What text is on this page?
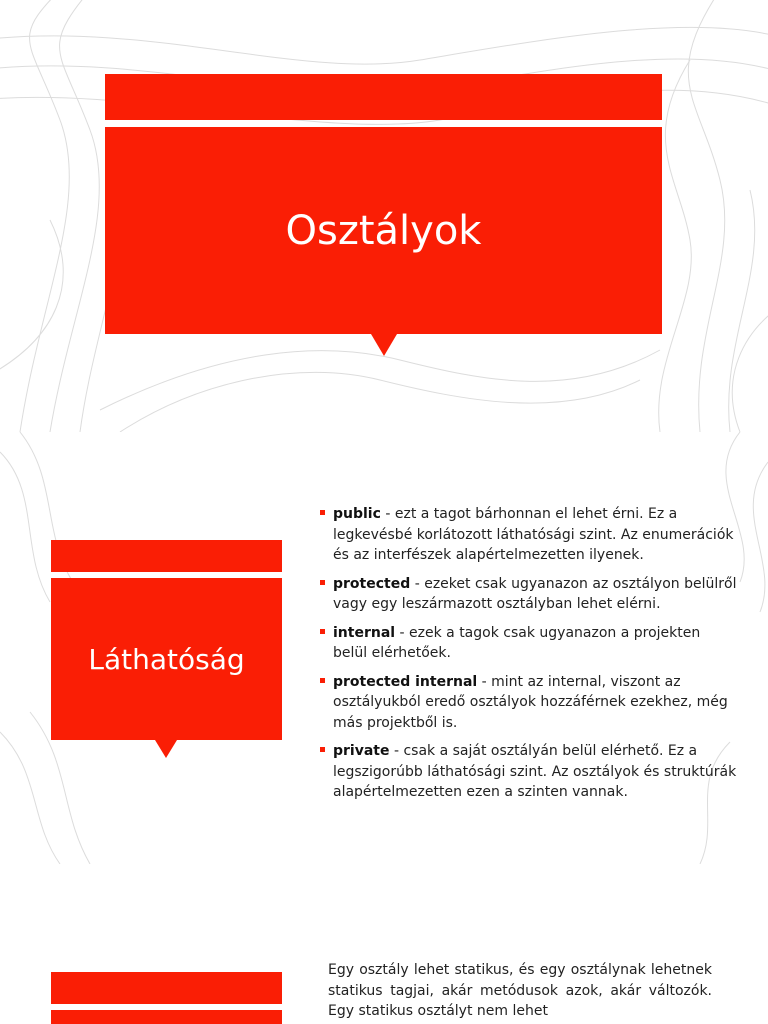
Osztályok
Láthatóság
public - ezt a tagot bárhonnan el lehet érni. Ez a legkevésbé korlátozott láthatósági szint. Az enumerációk és az interfészek alapértelmezetten ilyenek.
protected - ezeket csak ugyanazon az osztályon belülről vagy egy leszármazott osztályban lehet elérni.
internal - ezek a tagok csak ugyanazon a projekten belül elérhetőek.
protected internal - mint az internal, viszont az osztályukból eredő osztályok hozzáférnek ezekhez, még más projektből is.
private - csak a saját osztályán belül elérhető. Ez a legszigorúbb láthatósági szint. Az osztályok és struktúrák alapértelmezetten ezen a szinten vannak.

Egy osztály lehet statikus, és egy osztálynak lehetnek statikus tagjai, akár metódusok azok, akár változók. Egy statikus osztályt nem lehet
